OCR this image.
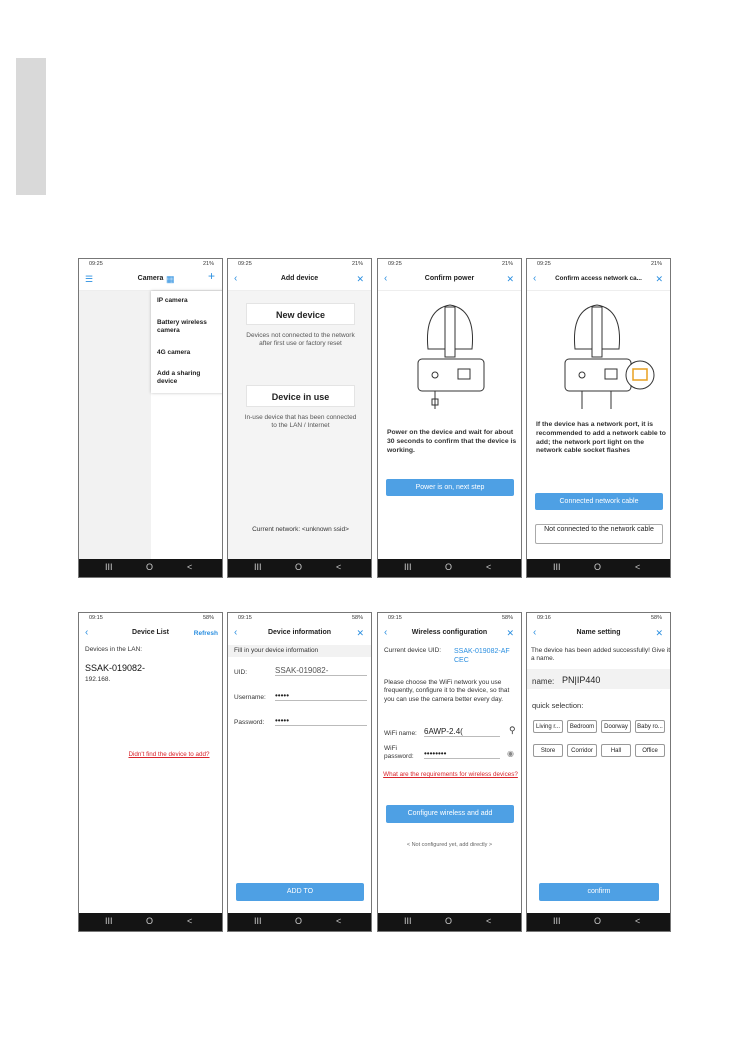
09:25	21%
☰	Camera ▦	+
IP camera
Battery wireless camera
4G camera
Add a sharing device
III	O	<
09:25	21%
‹	Add device	✕
New device
Devices not connected to the network after first use or factory reset
Device in use
In-use device that has been connected to the LAN / Internet
Current network: <unknown ssid>
III	O	<
09:25	21%
‹	Confirm power	✕
Power on the device and wait for about 30 seconds to confirm that the device is working.
Power is on, next step
III	O	<
09:25	21%
‹	Confirm access network ca...	✕
If the device has a network port, it is recommended to add a network cable to add; the network port light on the network cable socket flashes
Connected network cable
Not connected to the network cable
III	O	<
09:15	58%
‹	Device List	Refresh
Devices in the LAN:
SSAK-019082-
192.168.
Didn't find the device to add?
III	O	<
09:15	58%
‹	Device information	✕
Fill in your device information
UID:	SSAK-019082-
Username: •••••
Password: •••••
ADD TO
III	O	<
09:15	58%
‹	Wireless configuration	✕
Current device UID: SSAK-019082-AF CEC
Please choose the WiFi network you use frequently, configure it to the device, so that you can use the camera better every day.
WiFi name: 6AWP-2.4(	⚲
WiFi password:	••••••••	◉
What are the requirements for wireless devices?
Configure wireless and add
< Not configured yet, add directly >
III	O	<
09:16	58%
‹	Name setting	✕
The device has been added successfully! Give it a name.
name: PN|IP440
quick selection:
Living r...	Bedroom	Doorway	Baby ro...
Store	Corridor	Hall	Office
confirm
III	O	<
